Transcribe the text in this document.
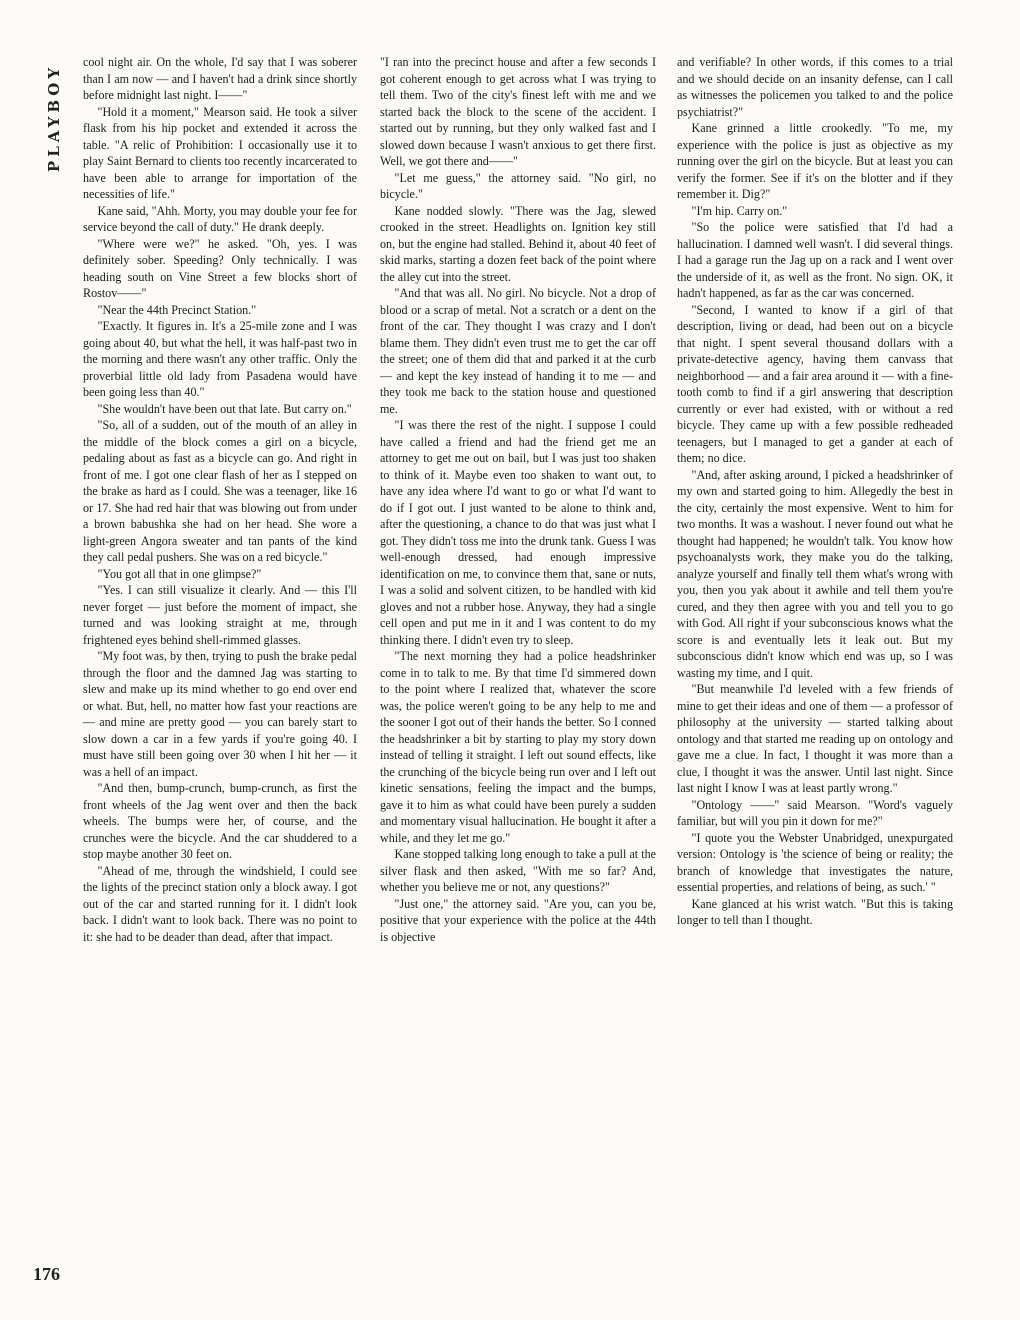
PLAYBOY

cool night air. On the whole, I'd say that I was soberer than I am now — and I haven't had a drink since shortly before midnight last night. I——"

"Hold it a moment," Mearson said. He took a silver flask from his hip pocket and extended it across the table. "A relic of Prohibition: I occasionally use it to play Saint Bernard to clients too recently incarcerated to have been able to arrange for importation of the necessities of life."

Kane said, "Ahh. Morty, you may double your fee for service beyond the call of duty." He drank deeply.

"Where were we?" he asked. "Oh, yes. I was definitely sober. Speeding? Only technically. I was heading south on Vine Street a few blocks short of Rostov——"

"Near the 44th Precinct Station."

"Exactly. It figures in. It's a 25-mile zone and I was going about 40, but what the hell, it was half-past two in the morning and there wasn't any other traffic. Only the proverbial little old lady from Pasadena would have been going less than 40."

"She wouldn't have been out that late. But carry on."

"So, all of a sudden, out of the mouth of an alley in the middle of the block comes a girl on a bicycle, pedaling about as fast as a bicycle can go. And right in front of me. I got one clear flash of her as I stepped on the brake as hard as I could. She was a teenager, like 16 or 17. She had red hair that was blowing out from under a brown babushka she had on her head. She wore a light-green Angora sweater and tan pants of the kind they call pedal pushers. She was on a red bicycle."

"You got all that in one glimpse?"

"Yes. I can still visualize it clearly. And — this I'll never forget — just before the moment of impact, she turned and was looking straight at me, through frightened eyes behind shell-rimmed glasses.

"My foot was, by then, trying to push the brake pedal through the floor and the damned Jag was starting to slew and make up its mind whether to go end over end or what. But, hell, no matter how fast your reactions are — and mine are pretty good — you can barely start to slow down a car in a few yards if you're going 40. I must have still been going over 30 when I hit her — it was a hell of an impact.

"And then, bump-crunch, bump-crunch, as first the front wheels of the Jag went over and then the back wheels. The bumps were her, of course, and the crunches were the bicycle. And the car shuddered to a stop maybe another 30 feet on.

"Ahead of me, through the windshield, I could see the lights of the precinct station only a block away. I got out of the car and started running for it. I didn't look back. I didn't want to look back. There was no point to it: she had to be deader than dead, after that impact.

"I ran into the precinct house and after a few seconds I got coherent enough to get across what I was trying to tell them. Two of the city's finest left with me and we started back the block to the scene of the accident. I started out by running, but they only walked fast and I slowed down because I wasn't anxious to get there first. Well, we got there and——"

"Let me guess," the attorney said. "No girl, no bicycle."

Kane nodded slowly. "There was the Jag, slewed crooked in the street. Headlights on. Ignition key still on, but the engine had stalled. Behind it, about 40 feet of skid marks, starting a dozen feet back of the point where the alley cut into the street.

"And that was all. No girl. No bicycle. Not a drop of blood or a scrap of metal. Not a scratch or a dent on the front of the car. They thought I was crazy and I don't blame them. They didn't even trust me to get the car off the street; one of them did that and parked it at the curb — and kept the key instead of handing it to me — and they took me back to the station house and questioned me.

"I was there the rest of the night. I suppose I could have called a friend and had the friend get me an attorney to get me out on bail, but I was just too shaken to think of it. Maybe even too shaken to want out, to have any idea where I'd want to go or what I'd want to do if I got out. I just wanted to be alone to think and, after the questioning, a chance to do that was just what I got. They didn't toss me into the drunk tank. Guess I was well-enough dressed, had enough impressive identification on me, to convince them that, sane or nuts, I was a solid and solvent citizen, to be handled with kid gloves and not a rubber hose. Anyway, they had a single cell open and put me in it and I was content to do my thinking there. I didn't even try to sleep.

"The next morning they had a police headshrinker come in to talk to me. By that time I'd simmered down to the point where I realized that, whatever the score was, the police weren't going to be any help to me and the sooner I got out of their hands the better. So I conned the headshrinker a bit by starting to play my story down instead of telling it straight. I left out sound effects, like the crunching of the bicycle being run over and I left out kinetic sensations, feeling the impact and the bumps, gave it to him as what could have been purely a sudden and momentary visual hallucination. He bought it after a while, and they let me go."

Kane stopped talking long enough to take a pull at the silver flask and then asked, "With me so far? And, whether you believe me or not, any questions?"

"Just one," the attorney said. "Are you, can you be, positive that your experience with the police at the 44th is objective

and verifiable? In other words, if this comes to a trial and we should decide on an insanity defense, can I call as witnesses the policemen you talked to and the police psychiatrist?"

Kane grinned a little crookedly. "To me, my experience with the police is just as objective as my running over the girl on the bicycle. But at least you can verify the former. See if it's on the blotter and if they remember it. Dig?"

"I'm hip. Carry on."

"So the police were satisfied that I'd had a hallucination. I damned well wasn't. I did several things. I had a garage run the Jag up on a rack and I went over the underside of it, as well as the front. No sign. OK, it hadn't happened, as far as the car was concerned.

"Second, I wanted to know if a girl of that description, living or dead, had been out on a bicycle that night. I spent several thousand dollars with a private-detective agency, having them canvass that neighborhood — and a fair area around it — with a fine-tooth comb to find if a girl answering that description currently or ever had existed, with or without a red bicycle. They came up with a few possible redheaded teenagers, but I managed to get a gander at each of them; no dice.

"And, after asking around, I picked a headshrinker of my own and started going to him. Allegedly the best in the city, certainly the most expensive. Went to him for two months. It was a washout. I never found out what he thought had happened; he wouldn't talk. You know how psychoanalysts work, they make you do the talking, analyze yourself and finally tell them what's wrong with you, then you yak about it awhile and tell them you're cured, and they then agree with you and tell you to go with God. All right if your subconscious knows what the score is and eventually lets it leak out. But my subconscious didn't know which end was up, so I was wasting my time, and I quit.

"But meanwhile I'd leveled with a few friends of mine to get their ideas and one of them — a professor of philosophy at the university — started talking about ontology and that started me reading up on ontology and gave me a clue. In fact, I thought it was more than a clue, I thought it was the answer. Until last night. Since last night I know I was at least partly wrong."

"Ontology ——" said Mearson. "Word's vaguely familiar, but will you pin it down for me?"

"I quote you the Webster Unabridged, unexpurgated version: Ontology is 'the science of being or reality; the branch of knowledge that investigates the nature, essential properties, and relations of being, as such.' "

Kane glanced at his wrist watch. "But this is taking longer to tell than I thought.

176
